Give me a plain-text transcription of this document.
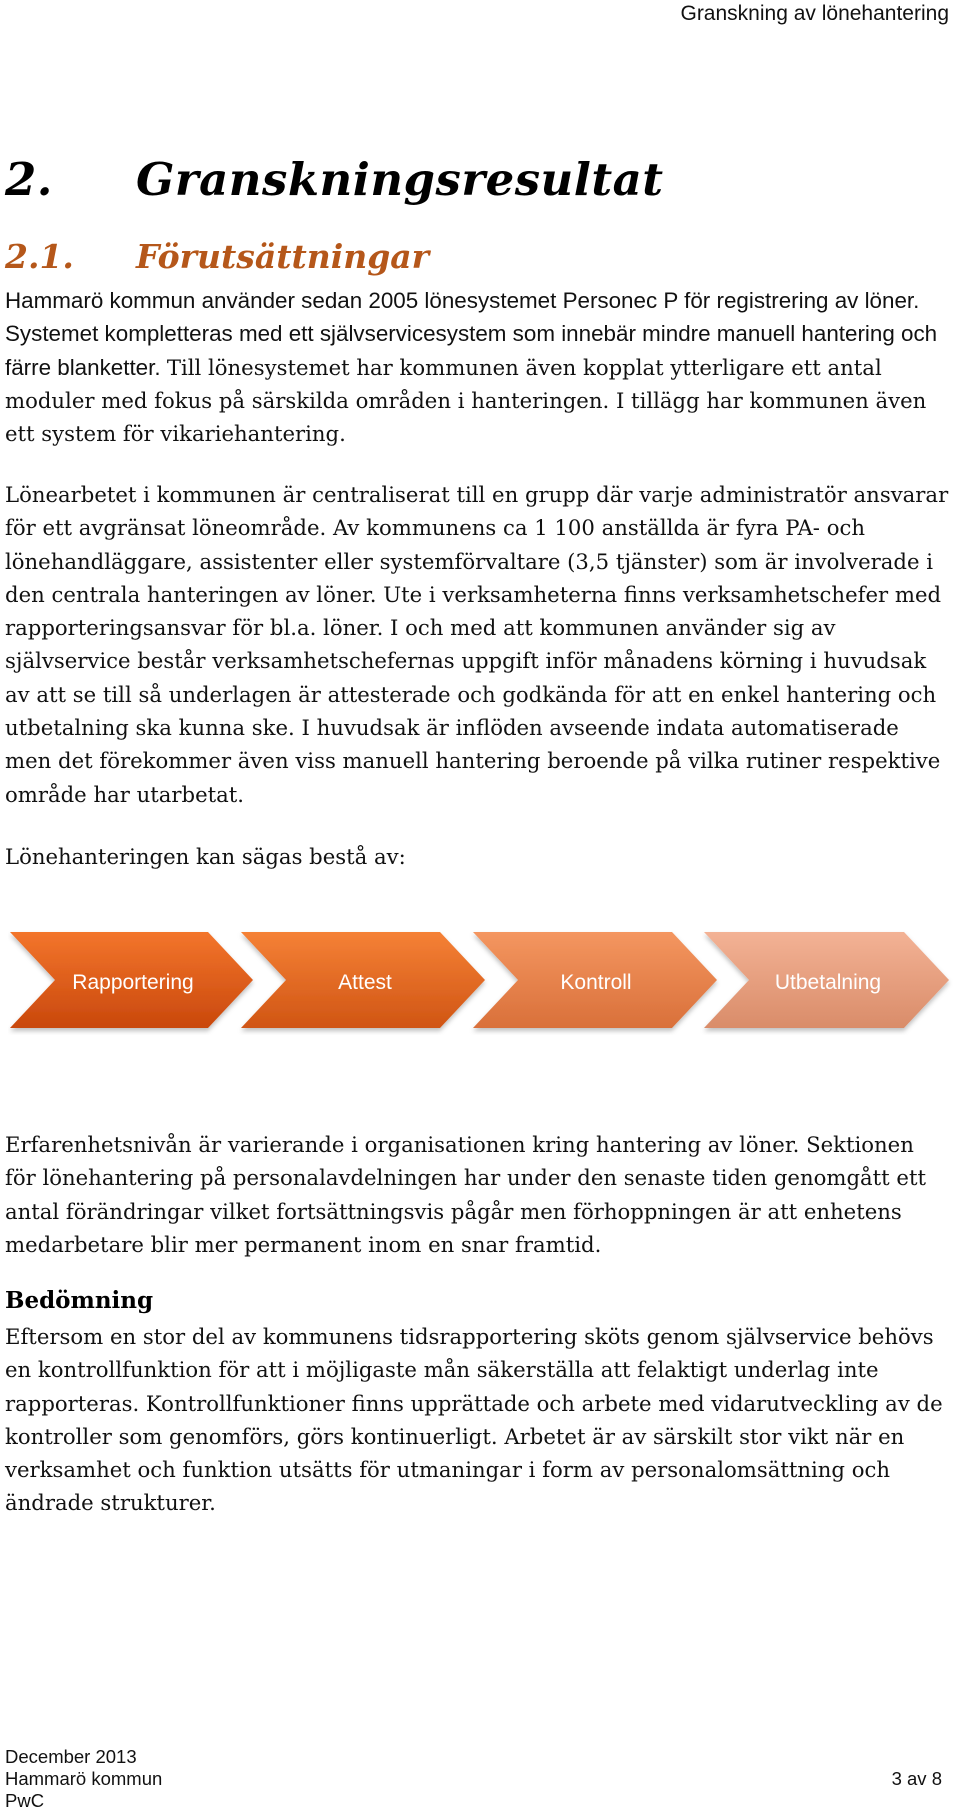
Granskning av lönehantering
2. Granskningsresultat
2.1. Förutsättningar

Hammarö kommun använder sedan 2005 lönesystemet Personec P för registrering av löner. Systemet kompletteras med ett självservicesystem som innebär mindre manuell hantering och färre blanketter. Till lönesystemet har kommunen även kopplat ytterligare ett antal moduler med fokus på särskilda områden i hanteringen. I tillägg har kommunen även ett system för vikariehantering.

Lönearbetet i kommunen är centraliserat till en grupp där varje administratör ansvarar för ett avgränsat löneområde. Av kommunens ca 1 100 anställda är fyra PA- och lönehandläggare, assistenter eller systemförvaltare (3,5 tjänster) som är involverade i den centrala hanteringen av löner. Ute i verksamheterna finns verksamhetschefer med rapporteringsansvar för bl.a. löner. I och med att kommunen använder sig av självservice består verksamhetschefernas uppgift inför månadens körning i huvudsak av att se till så underlagen är attesterade och godkända för att en enkel hantering och utbetalning ska kunna ske. I huvudsak är inflöden avseende indata automatiserade men det förekommer även viss manuell hantering beroende på vilka rutiner respektive område har utarbetat.

Lönehanteringen kan sägas bestå av:

Rapportering	Attest	Kontroll	Utbetalning

Erfarenhetsnivån är varierande i organisationen kring hantering av löner. Sektionen för lönehantering på personalavdelningen har under den senaste tiden genomgått ett antal förändringar vilket fortsättningsvis pågår men förhoppningen är att enhetens medarbetare blir mer permanent inom en snar framtid.

Bedömning

Eftersom en stor del av kommunens tidsrapportering sköts genom självservice behövs en kontrollfunktion för att i möjligaste mån säkerställa att felaktigt underlag inte rapporteras. Kontrollfunktioner finns upprättade och arbete med vidarutveckling av de kontroller som genomförs, görs kontinuerligt. Arbetet är av särskilt stor vikt när en verksamhet och funktion utsätts för utmaningar i form av personalomsättning och ändrade strukturer.

December 2013
Hammarö kommun	3 av 8
PwC
